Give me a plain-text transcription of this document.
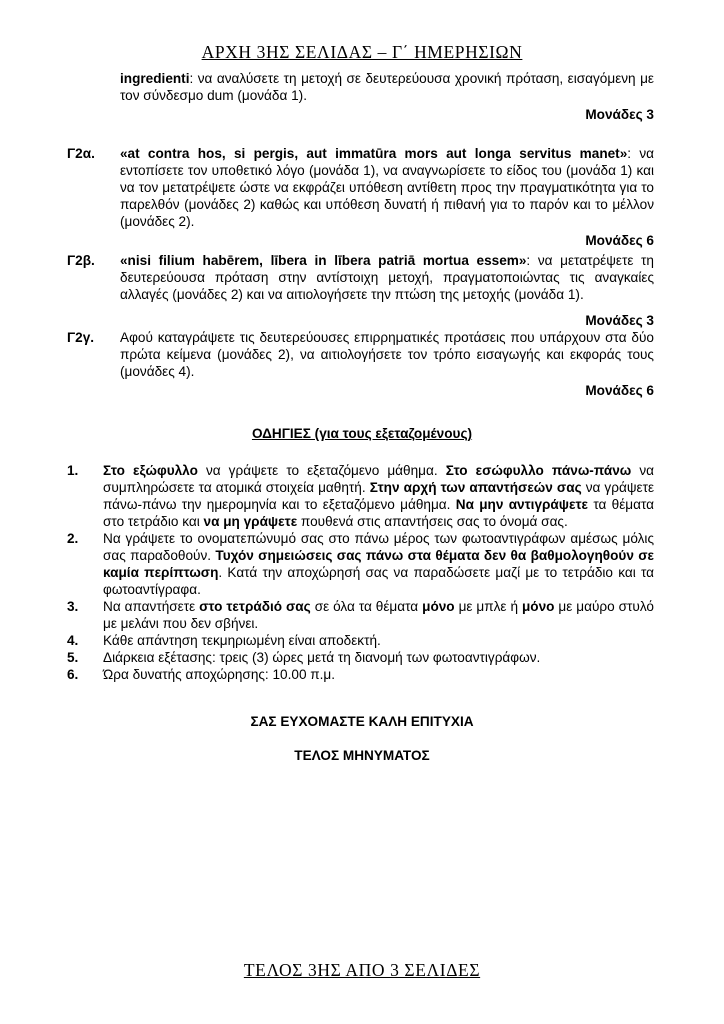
ΑΡΧΗ 3ΗΣ ΣΕΛΙΔΑΣ – Γ΄ ΗΜΕΡΗΣΙΩΝ
ingredienti: να αναλύσετε τη μετοχή σε δευτερεύουσα χρονική πρόταση, εισαγόμενη με τον σύνδεσμο dum (μονάδα 1).
Μονάδες 3
Γ2α.	«at contra hos, si pergis, aut immatūra mors aut longa servitus manet»: να εντοπίσετε τον υποθετικό λόγο (μονάδα 1), να αναγνωρίσετε το είδος του (μονάδα 1) και να τον μετατρέψετε ώστε να εκφράζει υπόθεση αντίθετη προς την πραγματικότητα για το παρελθόν (μονάδες 2) καθώς και υπόθεση δυνατή ή πιθανή για το παρόν και το μέλλον (μονάδες 2).
Μονάδες 6
Γ2β.	«nisi filium habērem, lībera in lībera patriā mortua essem»: να μετατρέψετε τη δευτερεύουσα πρόταση στην αντίστοιχη μετοχή, πραγματοποιώντας τις αναγκαίες αλλαγές (μονάδες 2) και να αιτιολογήσετε την πτώση της μετοχής (μονάδα 1).
Μονάδες 3
Γ2γ.	Αφού καταγράψετε τις δευτερεύουσες επιρρηματικές προτάσεις που υπάρχουν στα δύο πρώτα κείμενα (μονάδες 2), να αιτιολογήσετε τον τρόπο εισαγωγής και εκφοράς τους (μονάδες 4).
Μονάδες 6
ΟΔΗΓΙΕΣ (για τους εξεταζομένους)
1. Στο εξώφυλλο να γράψετε το εξεταζόμενο μάθημα. Στο εσώφυλλο πάνω-πάνω να συμπληρώσετε τα ατομικά στοιχεία μαθητή. Στην αρχή των απαντήσεών σας να γράψετε πάνω-πάνω την ημερομηνία και το εξεταζόμενο μάθημα. Να μην αντιγράψετε τα θέματα στο τετράδιο και να μη γράψετε πουθενά στις απαντήσεις σας το όνομά σας.
2. Να γράψετε το ονοματεπώνυμό σας στο πάνω μέρος των φωτοαντιγράφων αμέσως μόλις σας παραδοθούν. Τυχόν σημειώσεις σας πάνω στα θέματα δεν θα βαθμολογηθούν σε καμία περίπτωση. Κατά την αποχώρησή σας να παραδώσετε μαζί με το τετράδιο και τα φωτοαντίγραφα.
3. Να απαντήσετε στο τετράδιό σας σε όλα τα θέματα μόνο με μπλε ή μόνο με μαύρο στυλό με μελάνι που δεν σβήνει.
4. Κάθε απάντηση τεκμηριωμένη είναι αποδεκτή.
5. Διάρκεια εξέτασης: τρεις (3) ώρες μετά τη διανομή των φωτοαντιγράφων.
6. Ώρα δυνατής αποχώρησης: 10.00 π.μ.
ΣΑΣ ΕΥΧΟΜΑΣΤΕ ΚΑΛΗ ΕΠΙΤΥΧΙΑ
ΤΕΛΟΣ ΜΗΝΥΜΑΤΟΣ
ΤΕΛΟΣ 3ΗΣ ΑΠΟ 3 ΣΕΛΙΔΕΣ
